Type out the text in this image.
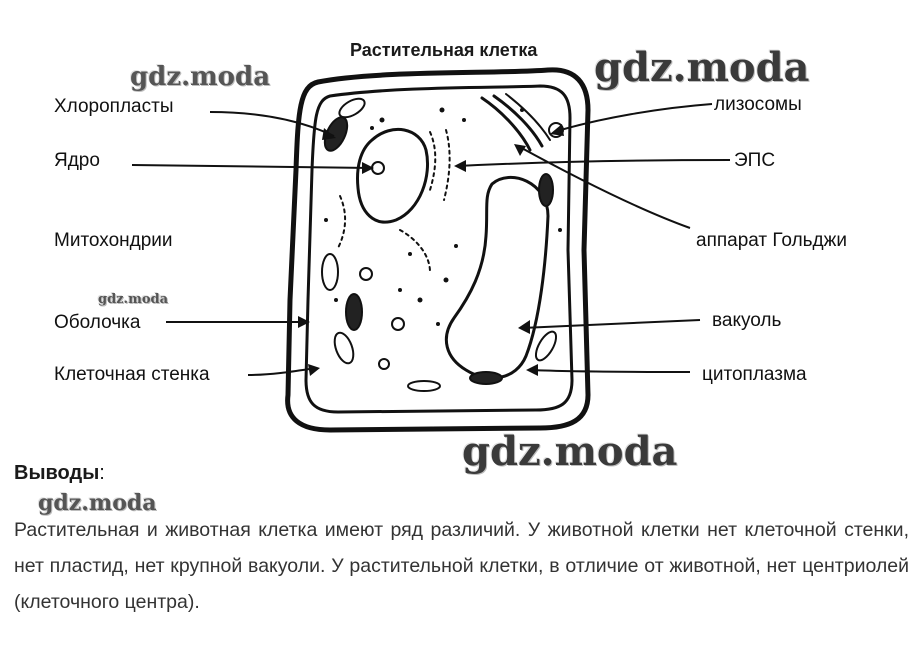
Растительная клетка
Хлоропласты
Ядро
Митохондрии
Оболочка
Клеточная стенка
лизосомы
ЭПС
аппарат Гольджи
вакуоль
цитоплазма
gdz.moda	gdz.moda
gdz.moda
gdz.moda
gdz.moda
Выводы:
Растительная и животная клетка имеют ряд различий. У животной клетки нет клеточной стенки, нет пластид, нет крупной вакуоли. У растительной клетки, в отличие от животной, нет центриолей (клеточного центра).
